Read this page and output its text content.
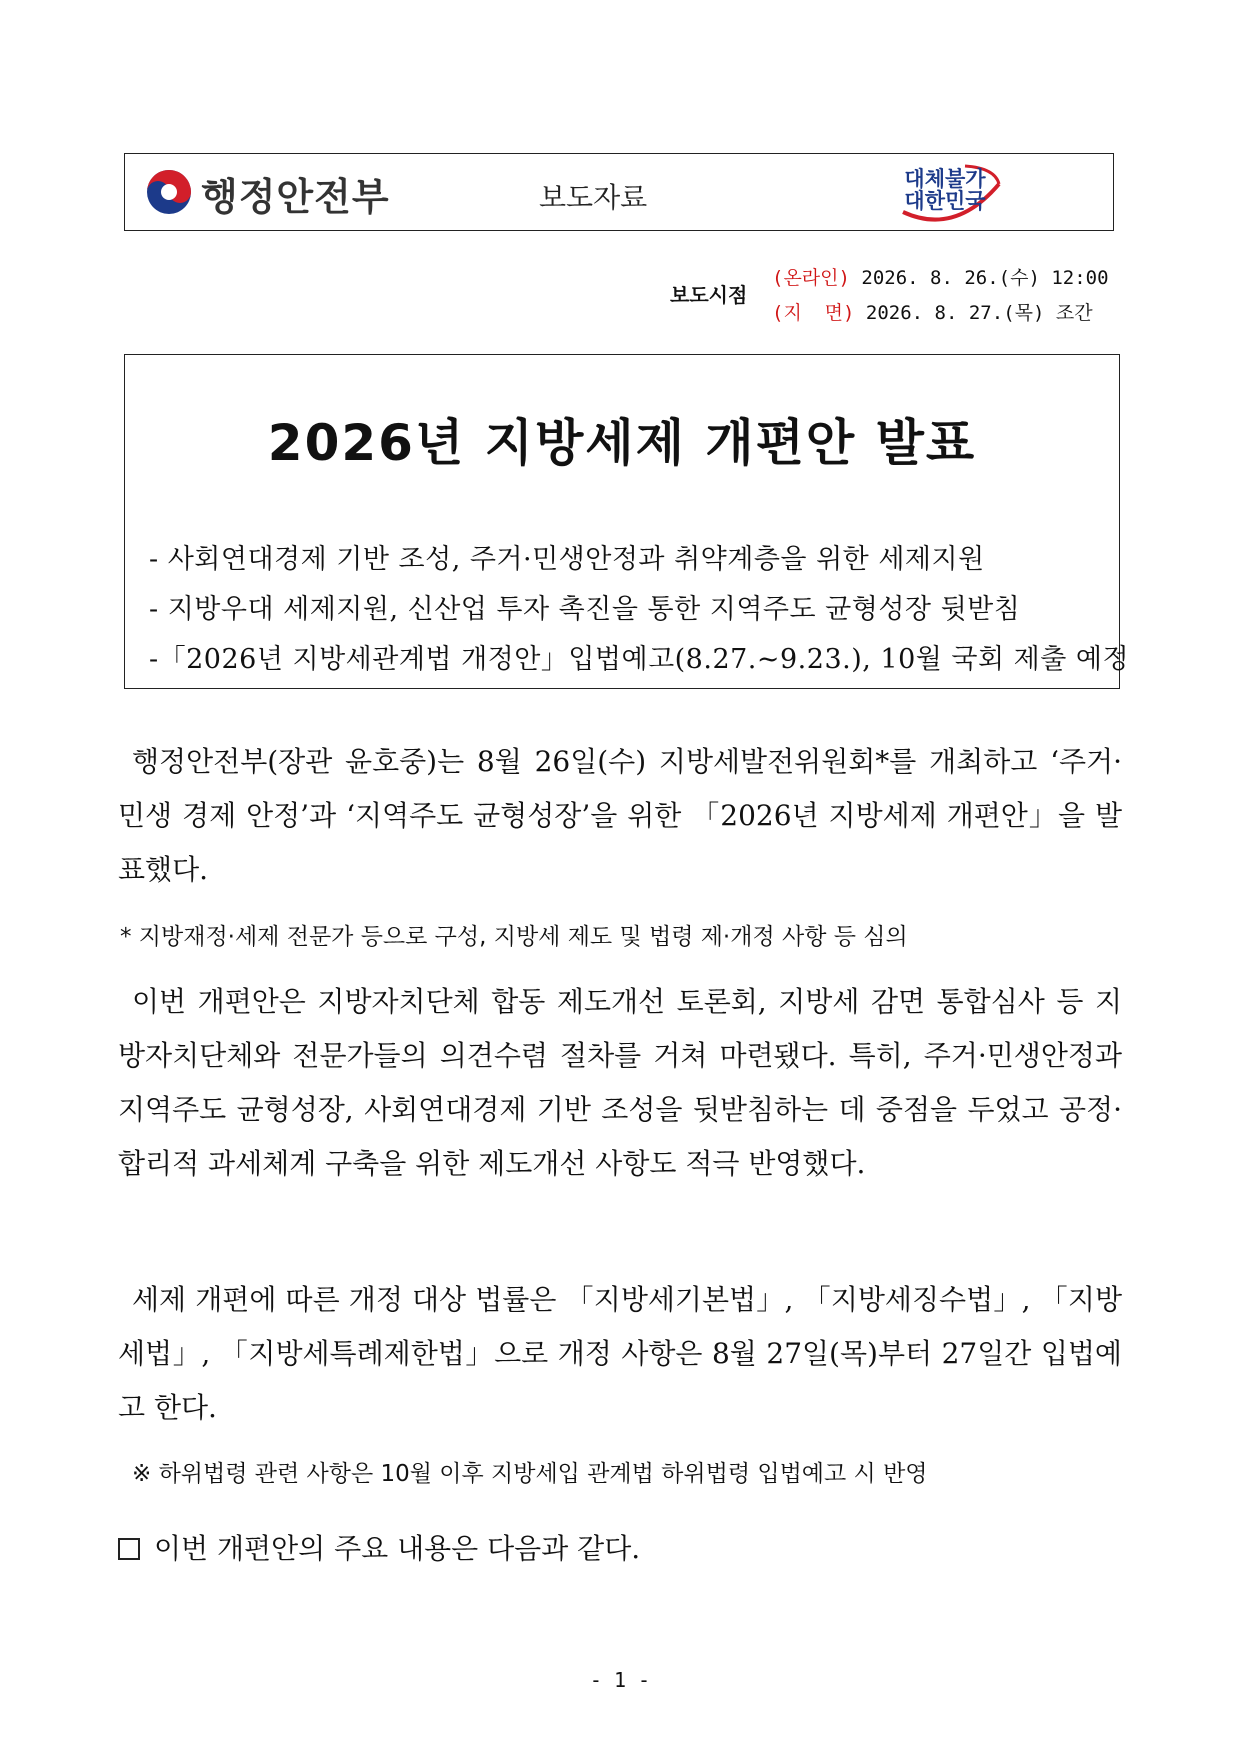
행정안전부	보도자료
대체불가
대한민국
보도시점
(온라인) 2026. 8. 26.(수) 12:00
(지  면) 2026. 8. 27.(목) 조간
2026년 지방세제 개편안 발표
- 사회연대경제 기반 조성, 주거·민생안정과 취약계층을 위한 세제지원
- 지방우대 세제지원, 신산업 투자 촉진을 통한 지역주도 균형성장 뒷받침
-「2026년 지방세관계법 개정안」입법예고(8.27.~9.23.), 10월 국회 제출 예정

행정안전부(장관 윤호중)는 8월 26일(수) 지방세발전위원회*를 개최하고 ‘주거·민생 경제 안정’과 ‘지역주도 균형성장’을 위한 「2026년 지방세제 개편안」을 발표했다.

* 지방재정·세제 전문가 등으로 구성, 지방세 제도 및 법령 제·개정 사항 등 심의

이번 개편안은 지방자치단체 합동 제도개선 토론회, 지방세 감면 통합심사 등 지방자치단체와 전문가들의 의견수렴 절차를 거쳐 마련됐다. 특히, 주거·민생안정과 지역주도 균형성장, 사회연대경제 기반 조성을 뒷받침하는 데 중점을 두었고 공정·합리적 과세체계 구축을 위한 제도개선 사항도 적극 반영했다.

세제 개편에 따른 개정 대상 법률은 「지방세기본법」, 「지방세징수법」, 「지방세법」, 「지방세특례제한법」으로 개정 사항은 8월 27일(목)부터 27일간 입법예고 한다.

※ 하위법령 관련 사항은 10월 이후 지방세입 관계법 하위법령 입법예고 시 반영
이번 개편안의 주요 내용은 다음과 같다.
- 1 -
